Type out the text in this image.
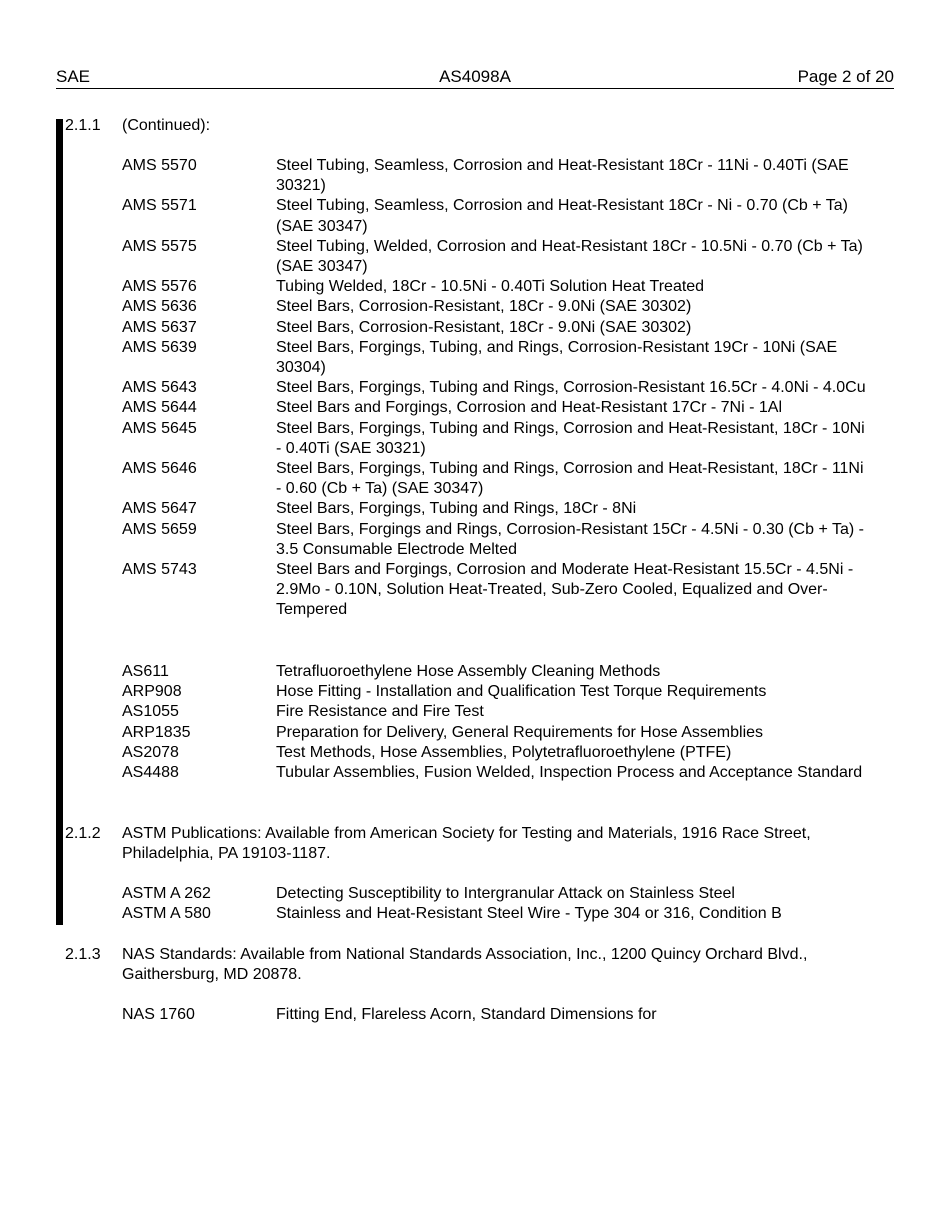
SAE	AS4098A	Page 2 of 20
2.1.1 (Continued):
AMS 5570	Steel Tubing, Seamless, Corrosion and Heat-Resistant 18Cr - 11Ni - 0.40Ti (SAE 30321)
AMS 5571	Steel Tubing, Seamless, Corrosion and Heat-Resistant 18Cr - Ni - 0.70 (Cb + Ta) (SAE 30347)
AMS 5575	Steel Tubing, Welded, Corrosion and Heat-Resistant 18Cr - 10.5Ni - 0.70 (Cb + Ta) (SAE 30347)
AMS 5576	Tubing Welded, 18Cr - 10.5Ni - 0.40Ti Solution Heat Treated
AMS 5636	Steel Bars, Corrosion-Resistant, 18Cr - 9.0Ni (SAE 30302)
AMS 5637	Steel Bars, Corrosion-Resistant, 18Cr - 9.0Ni (SAE 30302)
AMS 5639	Steel Bars, Forgings, Tubing, and Rings, Corrosion-Resistant 19Cr - 10Ni (SAE 30304)
AMS 5643	Steel Bars, Forgings, Tubing and Rings, Corrosion-Resistant 16.5Cr - 4.0Ni - 4.0Cu
AMS 5644	Steel Bars and Forgings, Corrosion and Heat-Resistant 17Cr - 7Ni - 1Al
AMS 5645	Steel Bars, Forgings, Tubing and Rings, Corrosion and Heat-Resistant, 18Cr - 10Ni - 0.40Ti (SAE 30321)
AMS 5646	Steel Bars, Forgings, Tubing and Rings, Corrosion and Heat-Resistant, 18Cr - 11Ni - 0.60 (Cb + Ta) (SAE 30347)
AMS 5647	Steel Bars, Forgings, Tubing and Rings, 18Cr - 8Ni
AMS 5659	Steel Bars, Forgings and Rings, Corrosion-Resistant 15Cr - 4.5Ni - 0.30 (Cb + Ta) - 3.5 Consumable Electrode Melted
AMS 5743	Steel Bars and Forgings, Corrosion and Moderate Heat-Resistant 15.5Cr - 4.5Ni - 2.9Mo - 0.10N, Solution Heat-Treated, Sub-Zero Cooled, Equalized and Over-Tempered
AS611	Tetrafluoroethylene Hose Assembly Cleaning Methods
ARP908	Hose Fitting - Installation and Qualification Test Torque Requirements
AS1055	Fire Resistance and Fire Test
ARP1835	Preparation for Delivery, General Requirements for Hose Assemblies
AS2078	Test Methods, Hose Assemblies, Polytetrafluoroethylene (PTFE)
AS4488	Tubular Assemblies, Fusion Welded, Inspection Process and Acceptance Standard
2.1.2 ASTM Publications: Available from American Society for Testing and Materials, 1916 Race Street, Philadelphia, PA 19103-1187.
ASTM A 262	Detecting Susceptibility to Intergranular Attack on Stainless Steel
ASTM A 580	Stainless and Heat-Resistant Steel Wire - Type 304 or 316, Condition B
2.1.3 NAS Standards: Available from National Standards Association, Inc., 1200 Quincy Orchard Blvd., Gaithersburg, MD 20878.
NAS 1760	Fitting End, Flareless Acorn, Standard Dimensions for
